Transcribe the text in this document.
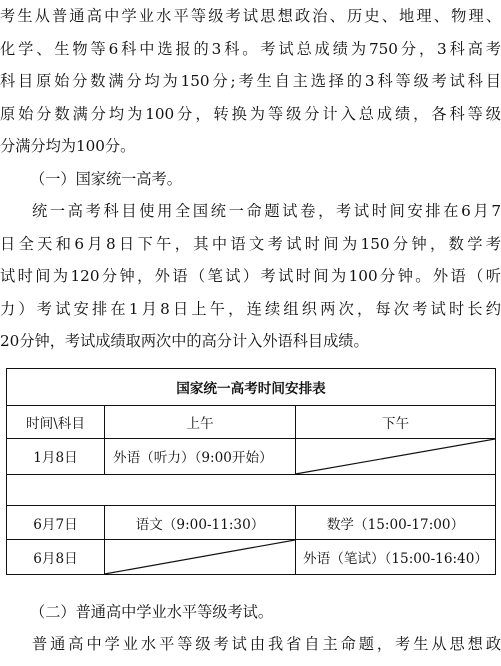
考生从普通高中学业水平等级考试思想政治、历史、地理、物理、
化学、生物等6科中选报的3科。考试总成绩为750分，3科高考
科目原始分数满分均为150分;考生自主选择的3科等级考试科目
原始分数满分均为100分，转换为等级分计入总成绩，各科等级
分满分均为100分。
（一）国家统一高考。
统一高考科目使用全国统一命题试卷，考试时间安排在6月7
日全天和6月8日下午，其中语文考试时间为150分钟，数学考
试时间为120分钟，外语（笔试）考试时间为100分钟。外语（听
力）考试安排在1月8日上午，连续组织两次，每次考试时长约
20分钟，考试成绩取两次中的高分计入外语科目成绩。
国家统一高考时间安排表		
时间\科目	上午	下午
1月8日	外语（听力）（9:00开始）	

6月7日	语文（9:00-11:30）	数学（15:00-17:00）
6月8日		外语（笔试）（15:00-16:40）
（二）普通高中学业水平等级考试。
普通高中学业水平等级考试由我省自主命题，考生从思想政
